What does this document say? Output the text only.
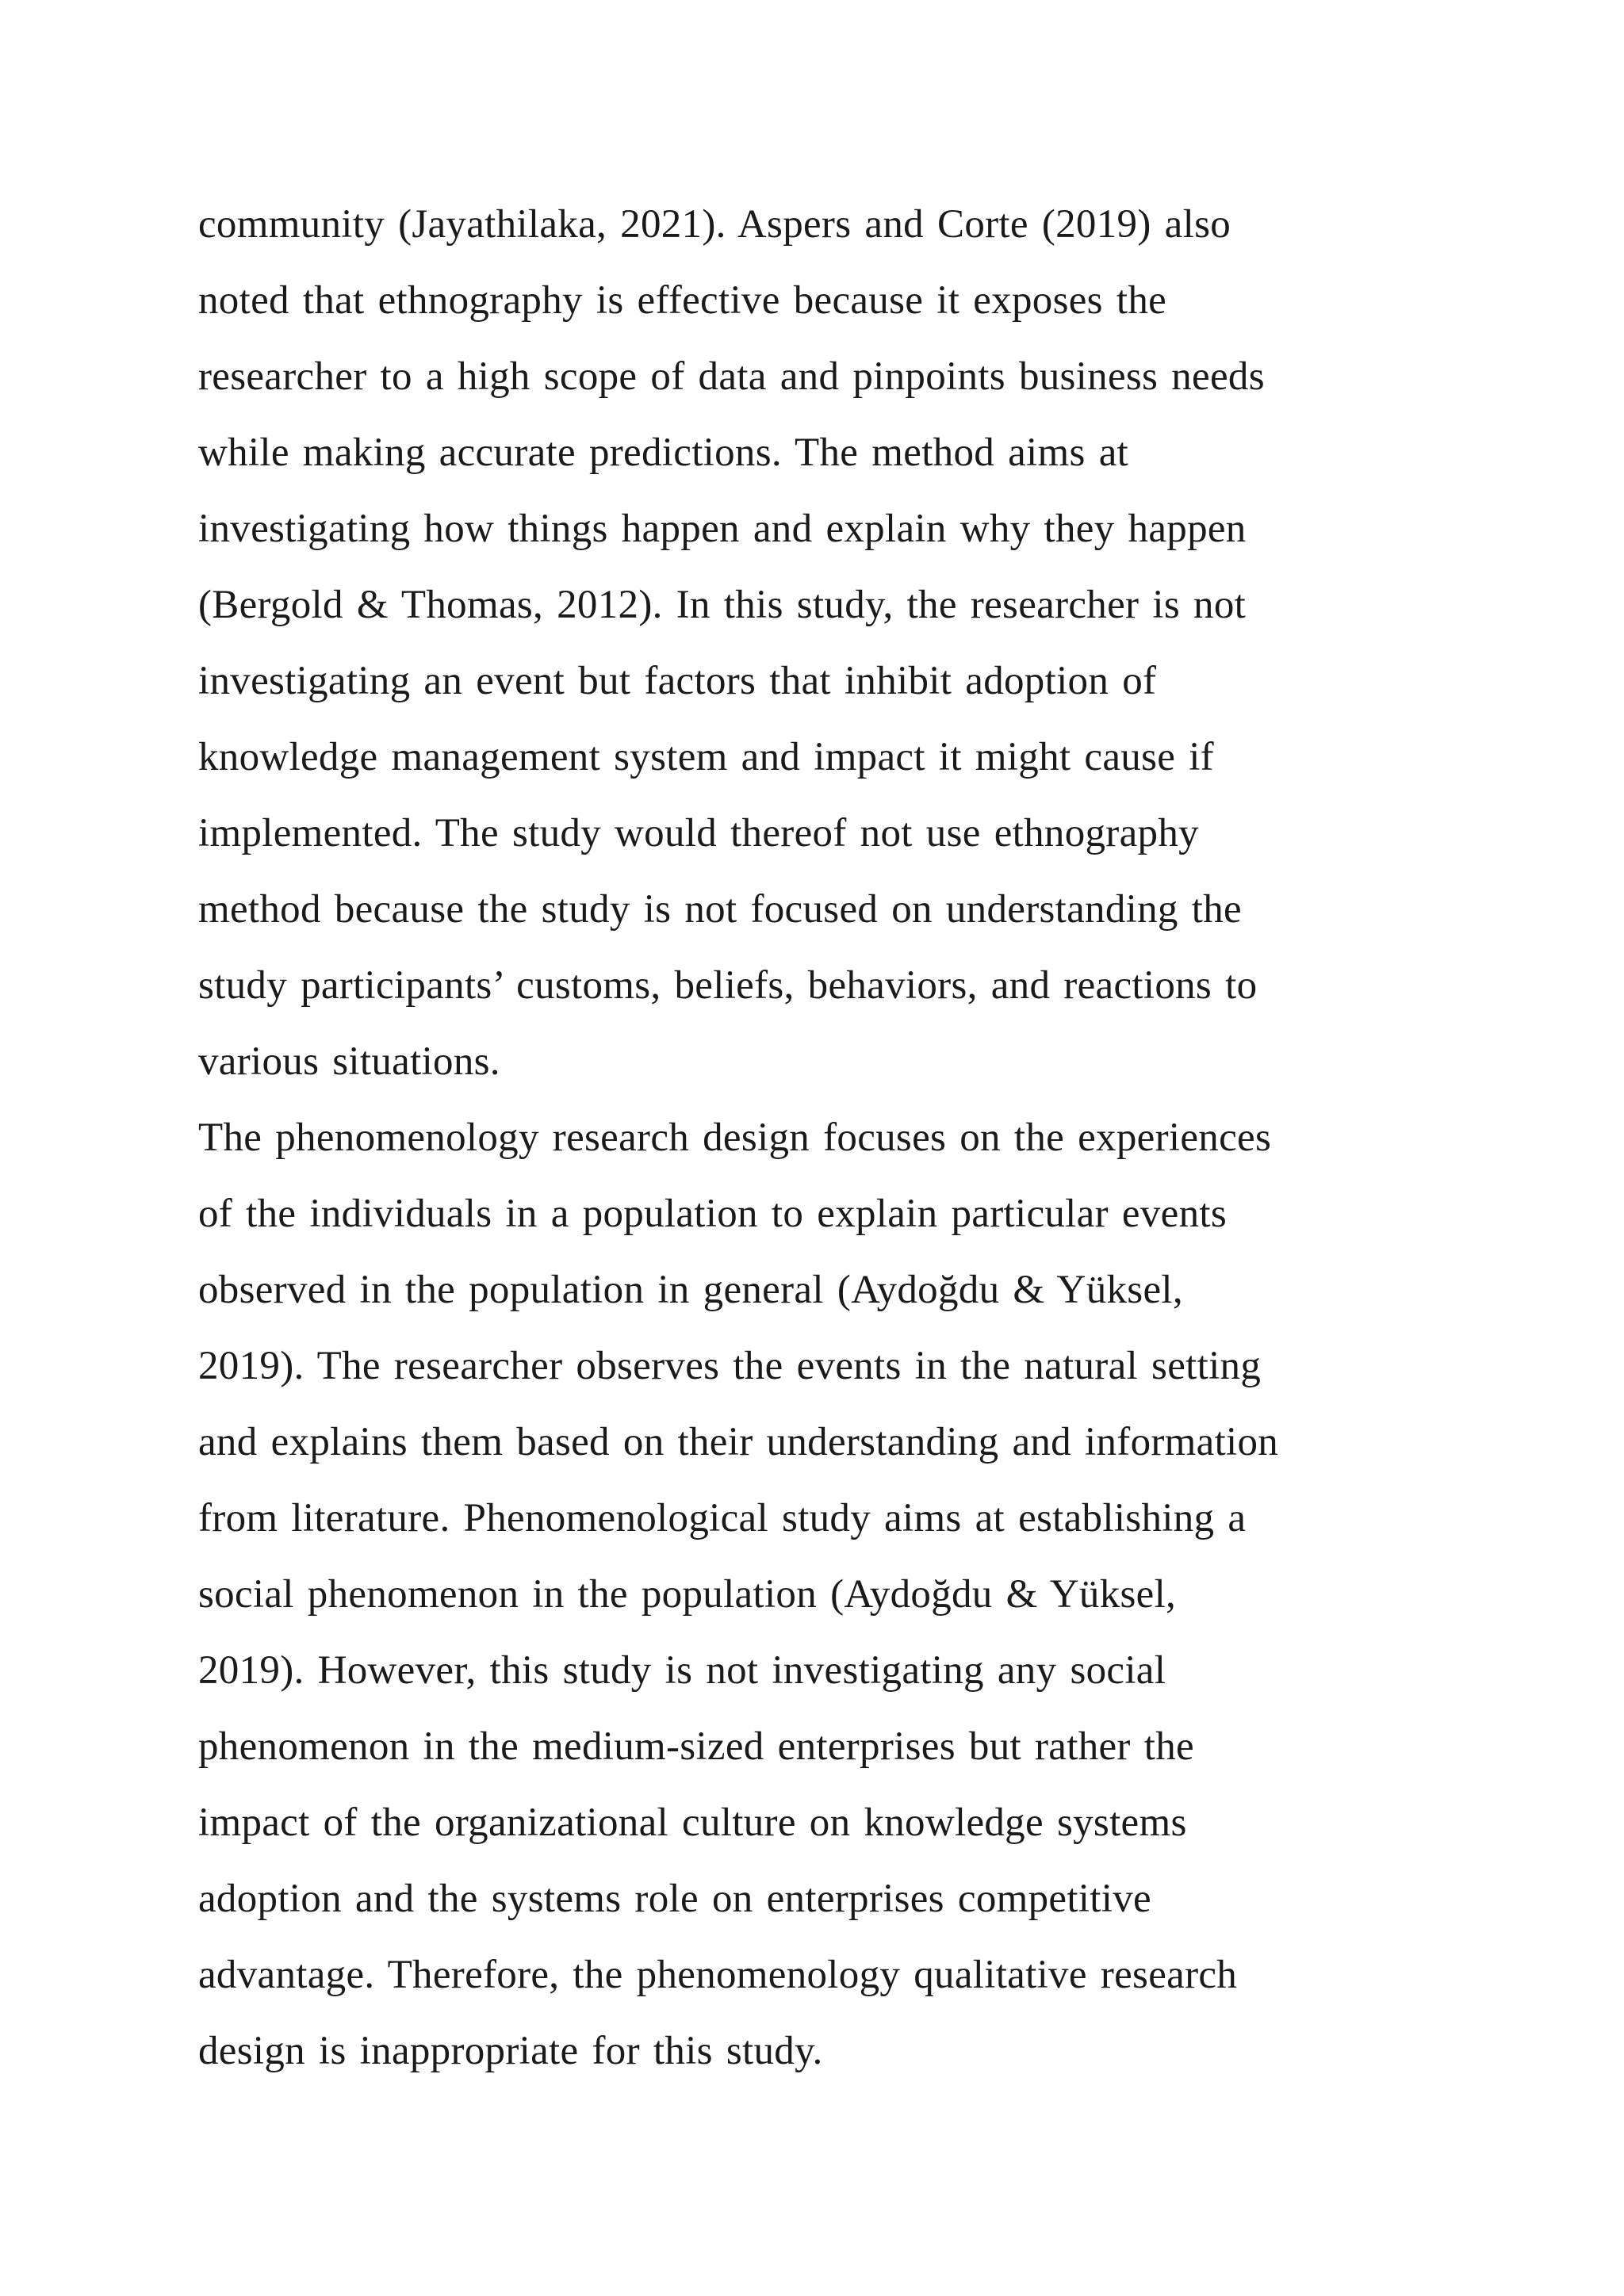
community (Jayathilaka, 2021). Aspers and Corte (2019) also
noted that ethnography is effective because it exposes the
researcher to a high scope of data and pinpoints business needs
while making accurate predictions. The method aims at
investigating how things happen and explain why they happen
(Bergold & Thomas, 2012). In this study, the researcher is not
investigating an event but factors that inhibit adoption of
knowledge management system and impact it might cause if
implemented. The study would thereof not use ethnography
method because the study is not focused on understanding the
study participants’ customs, beliefs, behaviors, and reactions to
various situations.
The phenomenology research design focuses on the experiences
of the individuals in a population to explain particular events
observed in the population in general (Aydoğdu & Yüksel,
2019). The researcher observes the events in the natural setting
and explains them based on their understanding and information
from literature. Phenomenological study aims at establishing a
social phenomenon in the population (Aydoğdu & Yüksel,
2019). However, this study is not investigating any social
phenomenon in the medium-sized enterprises but rather the
impact of the organizational culture on knowledge systems
adoption and the systems role on enterprises competitive
advantage. Therefore, the phenomenology qualitative research
design is inappropriate for this study.
